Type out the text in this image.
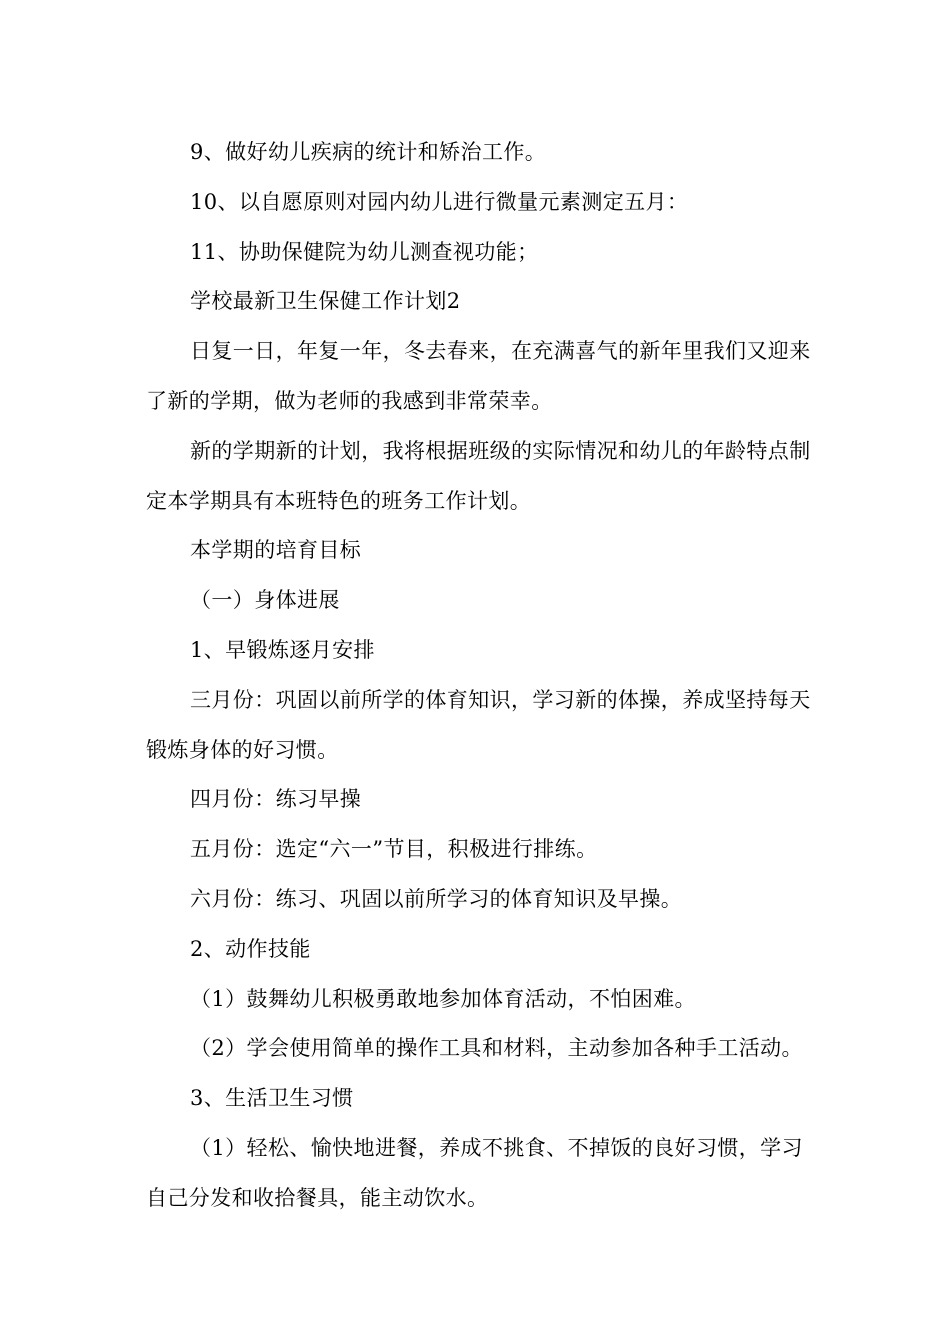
9、做好幼儿疾病的统计和矫治工作。

10、以自愿原则对园内幼儿进行微量元素测定五月：

11、协助保健院为幼儿测查视功能；

学校最新卫生保健工作计划2

日复一日，年复一年，冬去春来，在充满喜气的新年里我们又迎来了新的学期，做为老师的我感到非常荣幸。

新的学期新的计划，我将根据班级的实际情况和幼儿的年龄特点制定本学期具有本班特色的班务工作计划。

本学期的培育目标

（一）身体进展

1、早锻炼逐月安排

三月份：巩固以前所学的体育知识，学习新的体操，养成坚持每天锻炼身体的好习惯。

四月份：练习早操

五月份：选定“六一”节目，积极进行排练。

六月份：练习、巩固以前所学习的体育知识及早操。

2、动作技能

（1）鼓舞幼儿积极勇敢地参加体育活动，不怕困难。

（2）学会使用简单的操作工具和材料，主动参加各种手工活动。

3、生活卫生习惯

（1）轻松、愉快地进餐，养成不挑食、不掉饭的良好习惯，学习自己分发和收拾餐具，能主动饮水。
